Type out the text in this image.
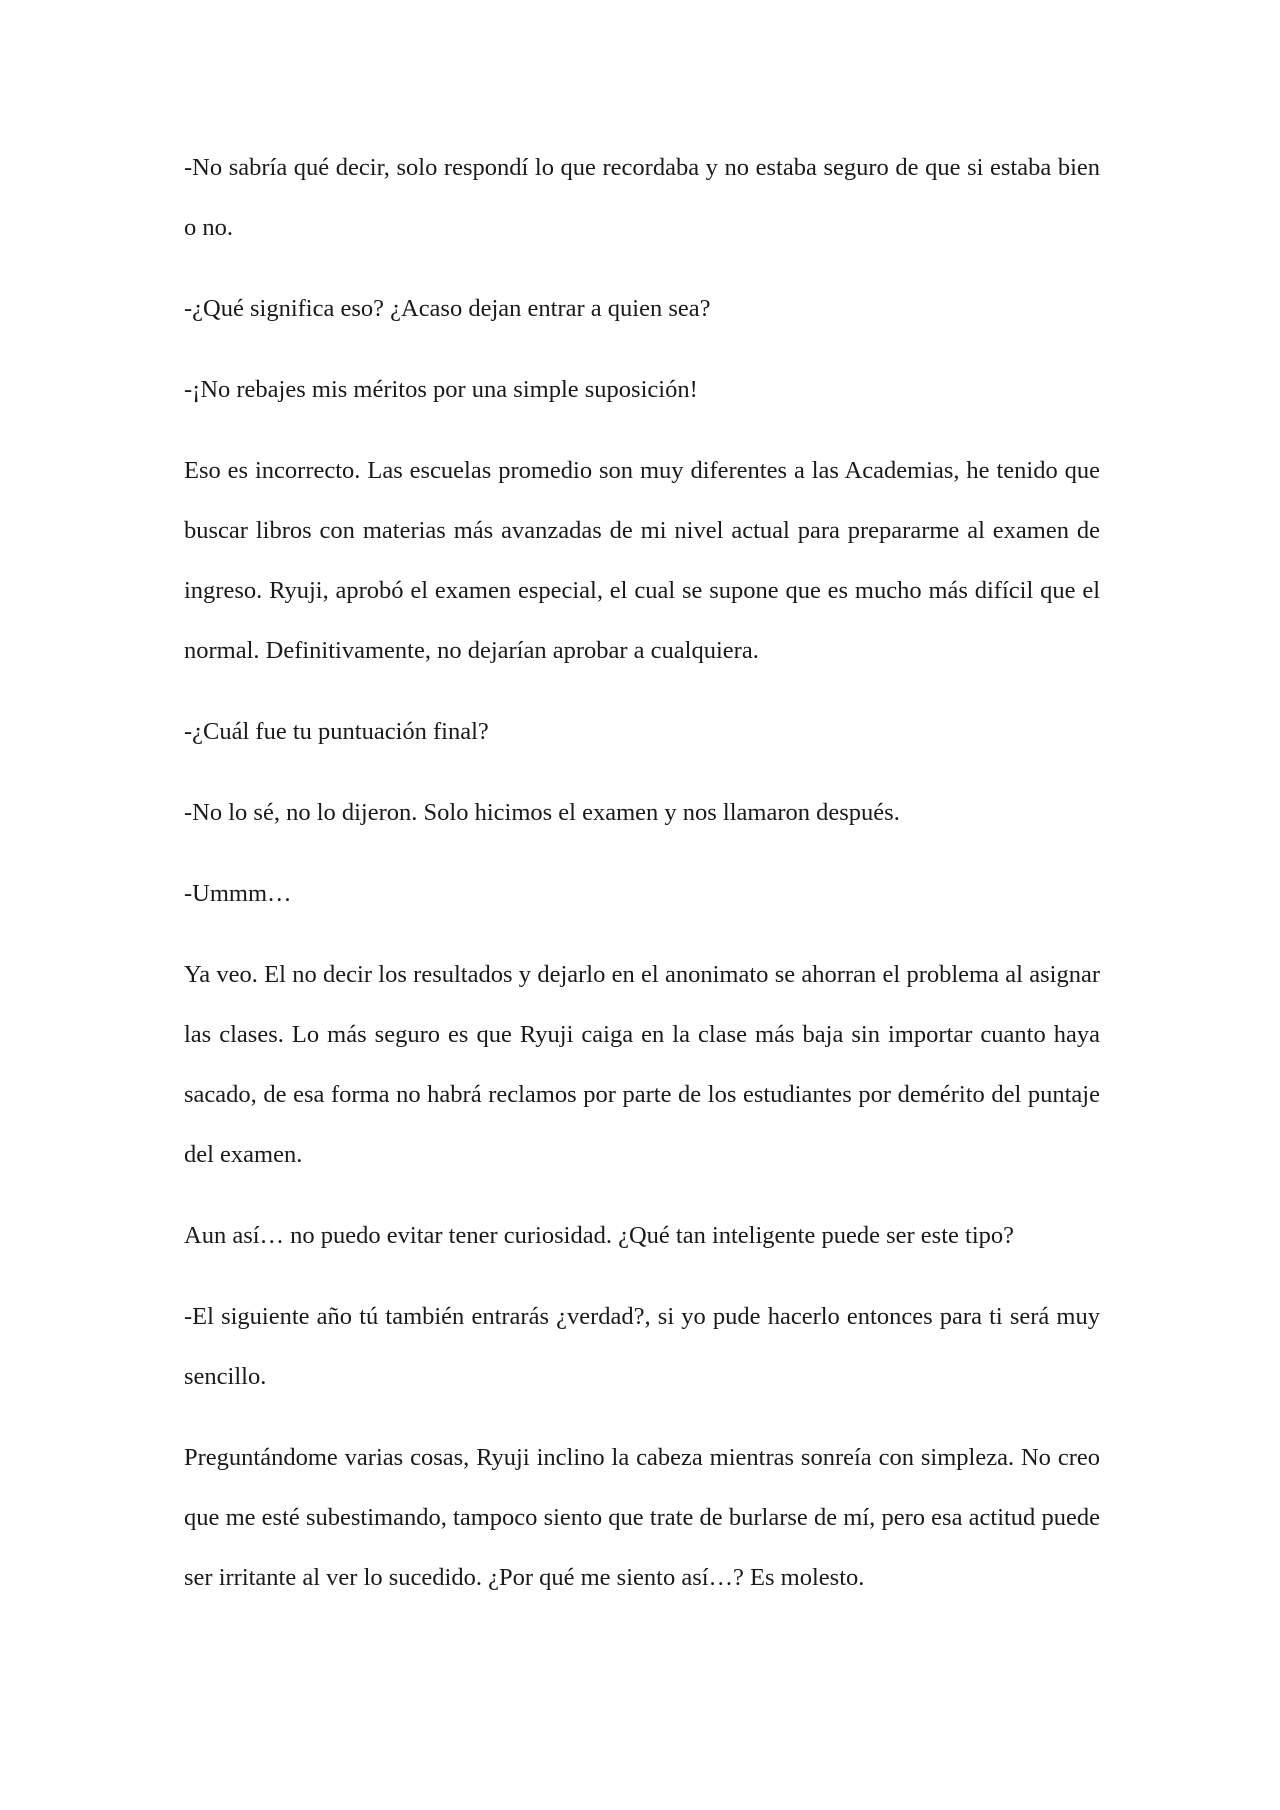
-No sabría qué decir, solo respondí lo que recordaba y no estaba seguro de que si estaba bien o no.

-¿Qué significa eso? ¿Acaso dejan entrar a quien sea?

-¡No rebajes mis méritos por una simple suposición!

Eso es incorrecto. Las escuelas promedio son muy diferentes a las Academias, he tenido que buscar libros con materias más avanzadas de mi nivel actual para prepararme al examen de ingreso. Ryuji, aprobó el examen especial, el cual se supone que es mucho más difícil que el normal. Definitivamente, no dejarían aprobar a cualquiera.

-¿Cuál fue tu puntuación final?

-No lo sé, no lo dijeron. Solo hicimos el examen y nos llamaron después.

-Ummm…

Ya veo. El no decir los resultados y dejarlo en el anonimato se ahorran el problema al asignar las clases. Lo más seguro es que Ryuji caiga en la clase más baja sin importar cuanto haya sacado, de esa forma no habrá reclamos por parte de los estudiantes por demérito del puntaje del examen.

Aun así… no puedo evitar tener curiosidad. ¿Qué tan inteligente puede ser este tipo?

-El siguiente año tú también entrarás ¿verdad?, si yo pude hacerlo entonces para ti será muy sencillo.

Preguntándome varias cosas, Ryuji inclino la cabeza mientras sonreía con simpleza. No creo que me esté subestimando, tampoco siento que trate de burlarse de mí, pero esa actitud puede ser irritante al ver lo sucedido. ¿Por qué me siento así…? Es molesto.
